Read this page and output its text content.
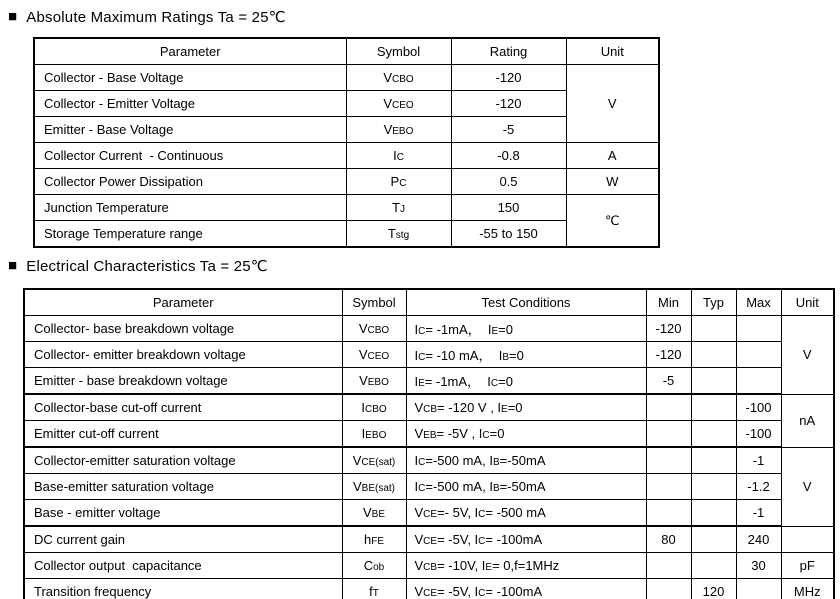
■ Absolute Maximum Ratings Ta = 25℃
Parameter	Symbol	Rating	Unit
Collector - Base Voltage	VCBO	-120	V
Collector - Emitter Voltage	VCEO	-120	
Emitter - Base Voltage	VEBO	-5	
Collector Current  - Continuous	IC	-0.8	A
Collector Power Dissipation	PC	0.5	W
Junction Temperature	TJ	150	℃
Storage Temperature range	Tstg	-55 to 150	
■ Electrical Characteristics Ta = 25℃
Parameter	Symbol	Test Conditions	Min	Typ	Max	Unit
Collector- base breakdown voltage	VCBO	IC= -1mA，  IE=0	-120			V
Collector- emitter breakdown voltage	VCEO	IC= -10 mA，  IB=0	-120			
Emitter - base breakdown voltage	VEBO	IE= -1mA，  IC=0	-5			
Collector-base cut-off current	ICBO	VCB= -120 V , IE=0			-100	nA
Emitter cut-off current	IEBO	VEB= -5V , IC=0			-100	
Collector-emitter saturation voltage	VCE(sat)	IC=-500 mA, IB=-50mA			-1	V
Base-emitter saturation voltage	VBE(sat)	IC=-500 mA, IB=-50mA			-1.2	
Base - emitter voltage	VBE	VCE=- 5V, IC= -500 mA			-1	
DC current gain	hFE	VCE= -5V, IC= -100mA	80		240	
Collector output  capacitance	Cob	VCB= -10V, IE= 0,f=1MHz			30	pF
Transition frequency	fT	VCE= -5V, IC= -100mA		120		MHz
